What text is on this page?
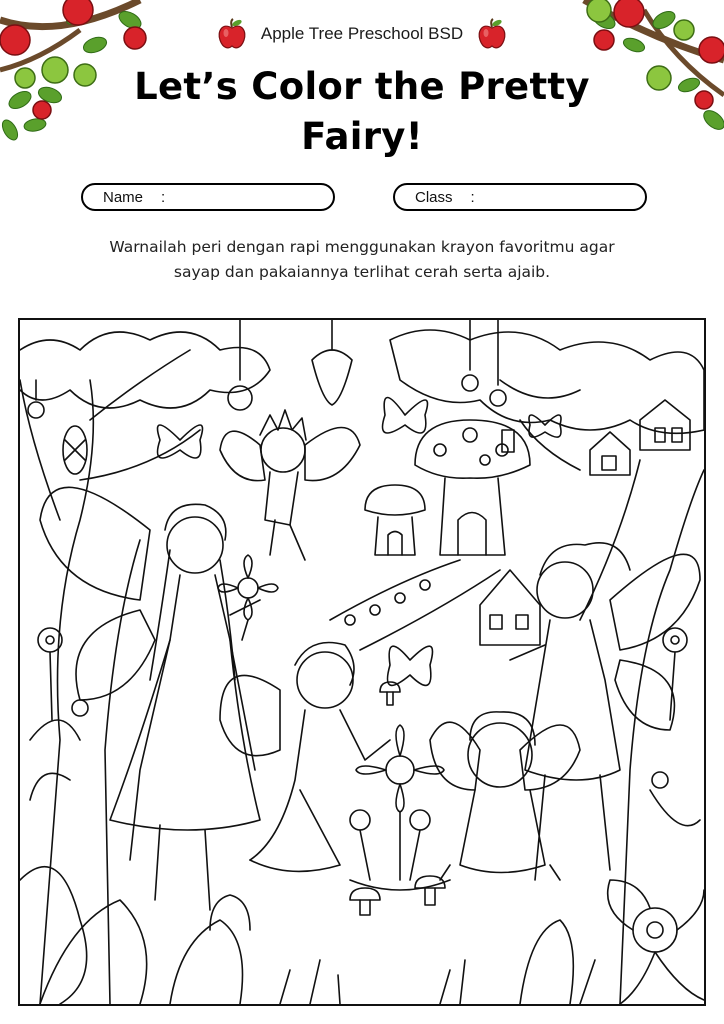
Apple Tree Preschool BSD
Let’s Color the Pretty
Fairy!
Name :	Class :
Warnailah peri dengan rapi menggunakan krayon favoritmu agar
sayap dan pakaiannya terlihat cerah serta ajaib.
